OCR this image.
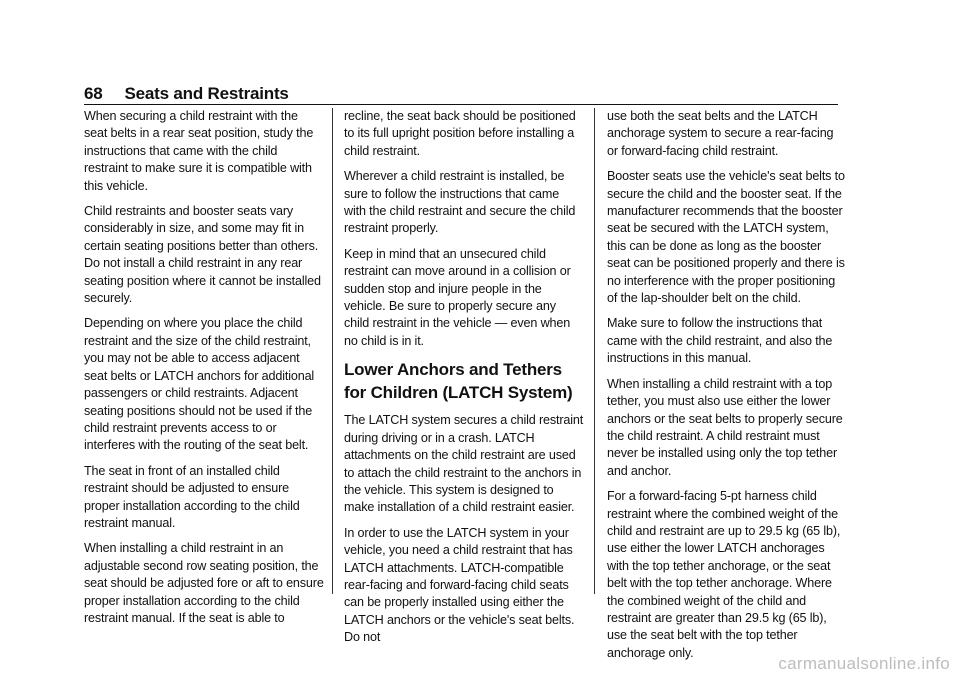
68 Seats and Restraints

When securing a child restraint with the seat belts in a rear seat position, study the instructions that came with the child restraint to make sure it is compatible with this vehicle.

Child restraints and booster seats vary considerably in size, and some may fit in certain seating positions better than others. Do not install a child restraint in any rear seating position where it cannot be installed securely.

Depending on where you place the child restraint and the size of the child restraint, you may not be able to access adjacent seat belts or LATCH anchors for additional passengers or child restraints. Adjacent seating positions should not be used if the child restraint prevents access to or interferes with the routing of the seat belt.

The seat in front of an installed child restraint should be adjusted to ensure proper installation according to the child restraint manual.

When installing a child restraint in an adjustable second row seating position, the seat should be adjusted fore or aft to ensure proper installation according to the child restraint manual. If the seat is able to

recline, the seat back should be positioned to its full upright position before installing a child restraint.

Wherever a child restraint is installed, be sure to follow the instructions that came with the child restraint and secure the child restraint properly.

Keep in mind that an unsecured child restraint can move around in a collision or sudden stop and injure people in the vehicle. Be sure to properly secure any child restraint in the vehicle — even when no child is in it.

Lower Anchors and Tethers for Children (LATCH System)

The LATCH system secures a child restraint during driving or in a crash. LATCH attachments on the child restraint are used to attach the child restraint to the anchors in the vehicle. This system is designed to make installation of a child restraint easier.

In order to use the LATCH system in your vehicle, you need a child restraint that has LATCH attachments. LATCH-compatible rear-facing and forward-facing child seats can be properly installed using either the LATCH anchors or the vehicle's seat belts. Do not

use both the seat belts and the LATCH anchorage system to secure a rear-facing or forward-facing child restraint.

Booster seats use the vehicle's seat belts to secure the child and the booster seat. If the manufacturer recommends that the booster seat be secured with the LATCH system, this can be done as long as the booster seat can be positioned properly and there is no interference with the proper positioning of the lap-shoulder belt on the child.

Make sure to follow the instructions that came with the child restraint, and also the instructions in this manual.

When installing a child restraint with a top tether, you must also use either the lower anchors or the seat belts to properly secure the child restraint. A child restraint must never be installed using only the top tether and anchor.

For a forward-facing 5-pt harness child restraint where the combined weight of the child and restraint are up to 29.5 kg (65 lb), use either the lower LATCH anchorages with the top tether anchorage, or the seat belt with the top tether anchorage. Where the combined weight of the child and restraint are greater than 29.5 kg (65 lb), use the seat belt with the top tether anchorage only.

carmanualsonline.info
